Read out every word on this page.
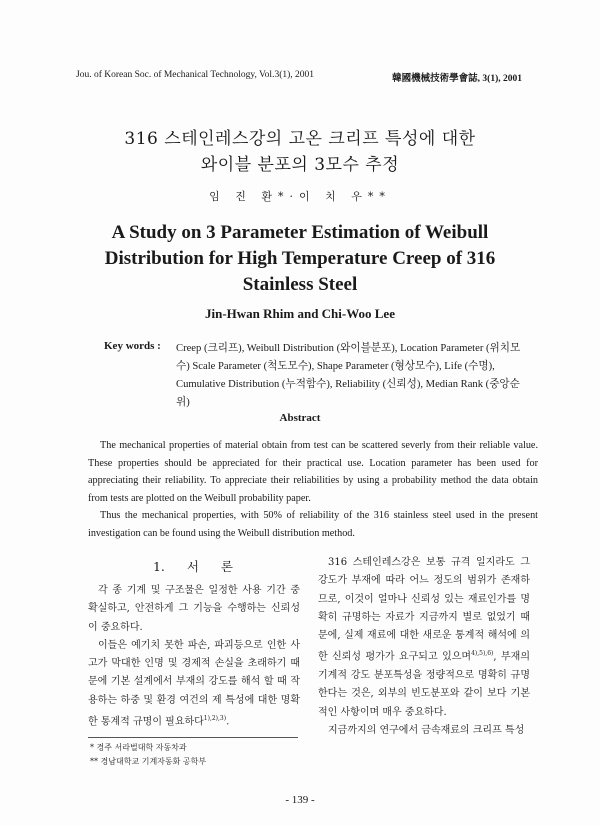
Jou. of Korean Soc. of Mechanical Technology, Vol.3(1), 2001	韓國機械技術學會誌, 3(1), 2001
316 스테인레스강의 고온 크리프 특성에 대한
와이블 분포의 3모수 추정
임 진 환*·이 치 우**
A Study on 3 Parameter Estimation of Weibull
Distribution for High Temperature Creep of 316
Stainless Steel
Jin-Hwan Rhim and Chi-Woo Lee
Key words : Creep (크리프), Weibull Distribution (와이블분포), Location Parameter (위치모수) Scale Parameter (척도모수), Shape Parameter (형상모수), Life (수명), Cumulative Distribution (누적함수), Reliability (신뢰성), Median Rank (중앙순위)
Abstract

The mechanical properties of material obtain from test can be scattered severly from their reliable value. These properties should be appreciated for their practical use. Location parameter has been used for appreciating their reliability. To appreciate their reliabilities by using a probability method the data obtain from tests are plotted on the Weibull probability paper.

Thus the mechanical properties, with 50% of reliability of the 316 stainless steel used in the present investigation can be found using the Weibull distribution method.

1. 서 론

각 종 기계 및 구조물은 일정한 사용 기간 중 확실하고, 안전하게 그 기능을 수행하는 신뢰성이 중요하다.

이들은 예기치 못한 파손, 파괴등으로 인한 사고가 막대한 인명 및 경제적 손실을 초래하기 때문에 기본 설계에서 부재의 강도를 해석 할 때 작용하는 하중 및 환경 여건의 제 특성에 대한 명확한 통계적 규명이 필요하다$^{1),2),3)}$.

316 스테인레스강은 보통 규격 일지라도 그 강도가 부재에 따라 어느 정도의 범위가 존재하므로, 이것이 얼마나 신뢰성 있는 재료인가를 명확히 규명하는 자료가 지금까지 별로 없었기 때문에, 실제 재료에 대한 새로운 통계적 해석에 의한 신뢰성 평가가 요구되고 있으며$^{4),5),6)}$, 부재의 기계적 강도 분포특성을 정량적으로 명확히 규명한다는 것은, 외부의 빈도분포와 같이 보다 기본적인 사항이며 매우 중요하다.

지금까지의 연구에서 금속재료의 크리프 특성

* 경주 서라벌대학 자동차과
** 경남대학교 기계자동화 공학부
- 139 -
